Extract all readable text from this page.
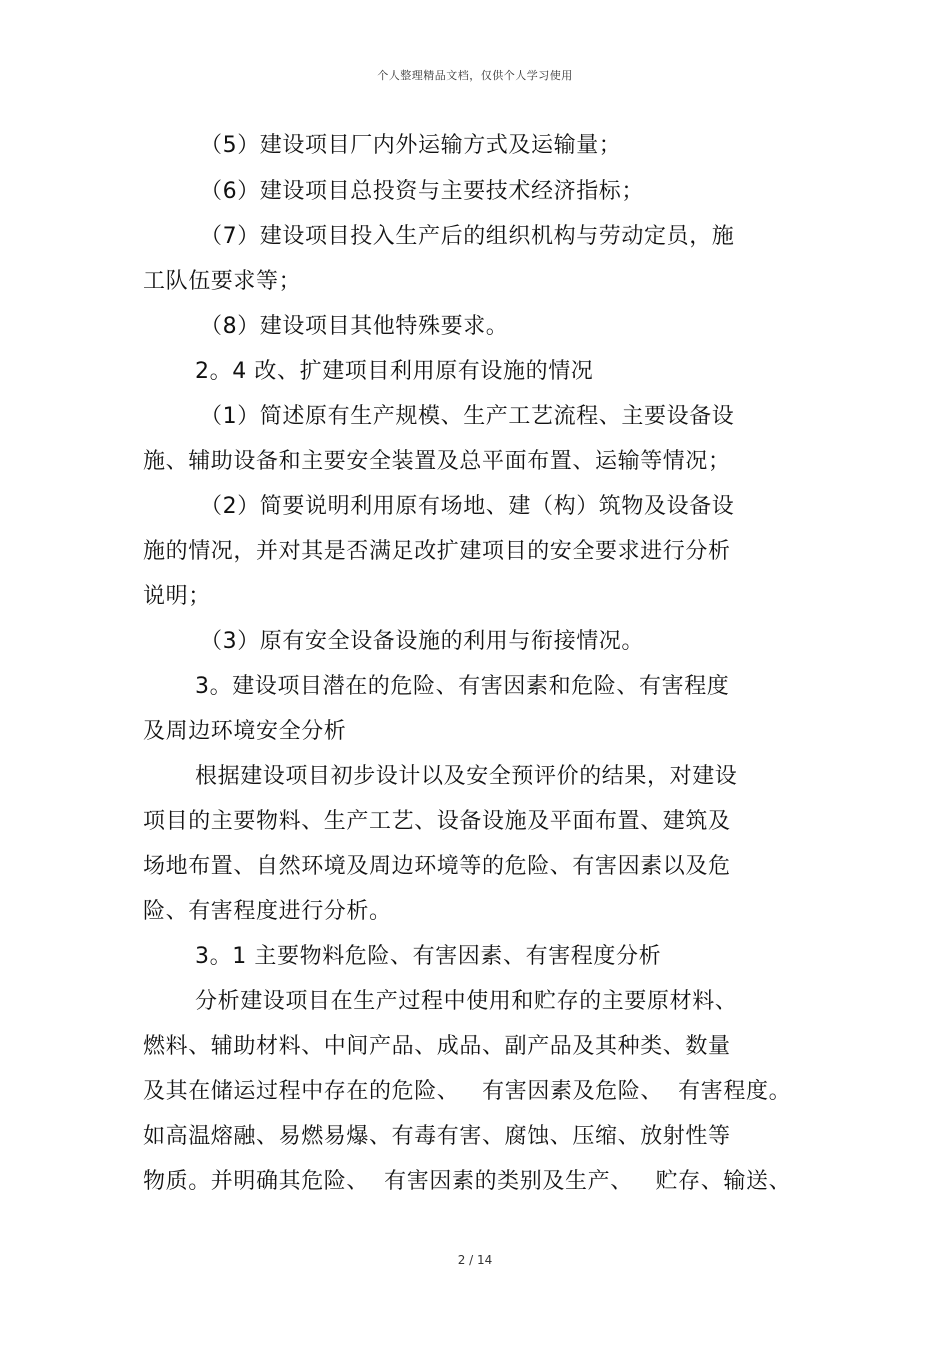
个人整理精品文档，仅供个人学习使用
（5）建设项目厂内外运输方式及运输量；
（6）建设项目总投资与主要技术经济指标；
（7）建设项目投入生产后的组织机构与劳动定员，施
工队伍要求等；
（8）建设项目其他特殊要求。
2。4 改、扩建项目利用原有设施的情况
（1）简述原有生产规模、生产工艺流程、主要设备设
施、辅助设备和主要安全装置及总平面布置、运输等情况；
（2）简要说明利用原有场地、建（构）筑物及设备设
施的情况，并对其是否满足改扩建项目的安全要求进行分析
说明；
（3）原有安全设备设施的利用与衔接情况。
3。建设项目潜在的危险、有害因素和危险、有害程度
及周边环境安全分析
根据建设项目初步设计以及安全预评价的结果，对建设
项目的主要物料、生产工艺、设备设施及平面布置、建筑及
场地布置、自然环境及周边环境等的危险、有害因素以及危
险、有害程度进行分析。
3。1 主要物料危险、有害因素、有害程度分析
分析建设项目在生产过程中使用和贮存的主要原材料、
燃料、辅助材料、中间产品、成品、副产品及其种类、数量
及其在储运过程中存在的危险、   有害因素及危险、  有害程度。
如高温熔融、易燃易爆、有毒有害、腐蚀、压缩、放射性等
物质。并明确其危险、  有害因素的类别及生产、   贮存、输送、
2 / 14
